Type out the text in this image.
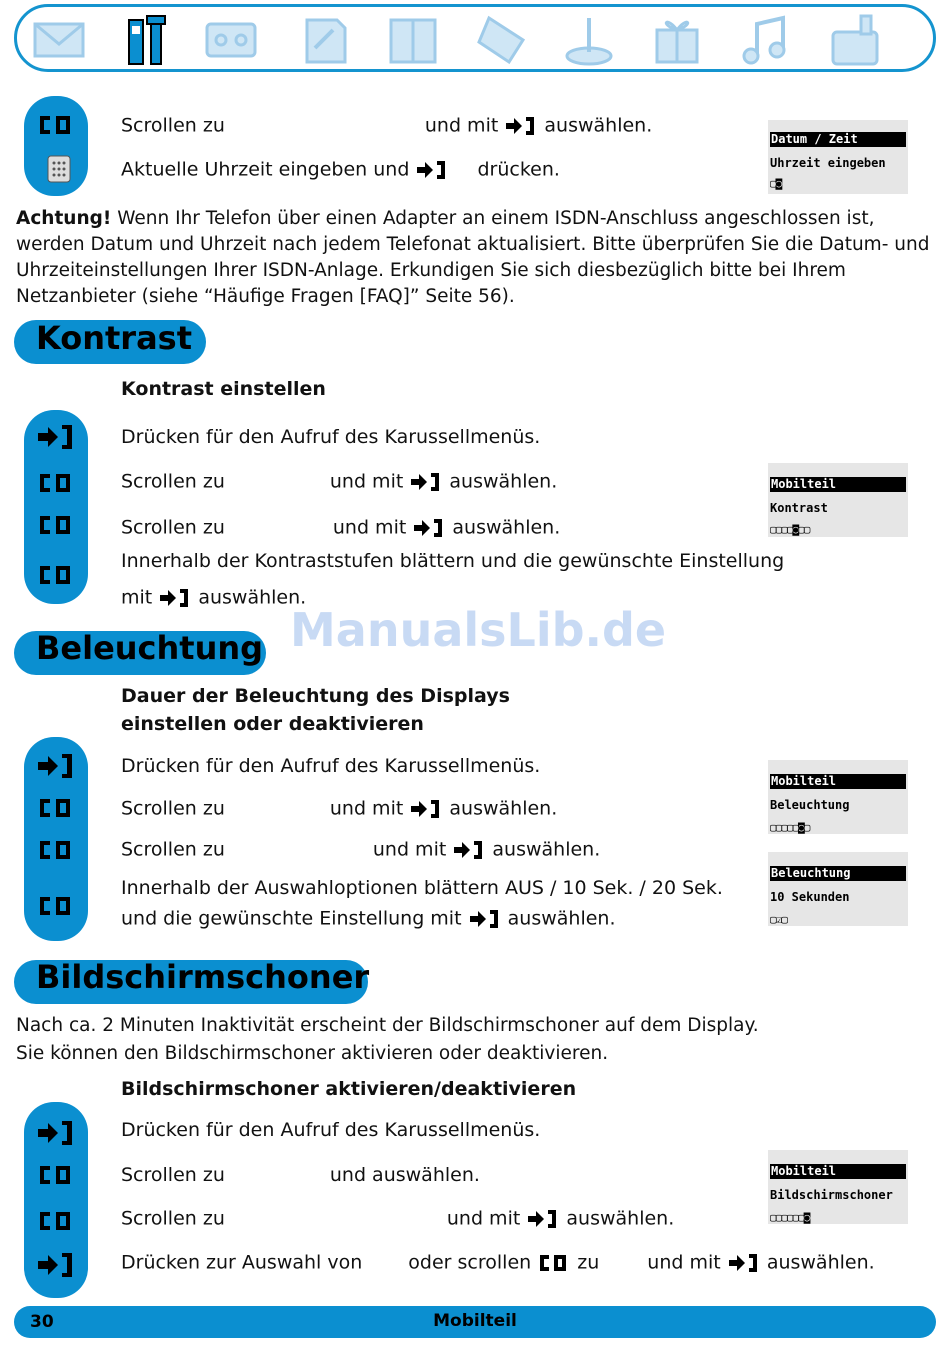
Scrollen zu	und mit auswählen.
Aktuelle Uhrzeit eingeben und	drücken.
Datum / Zeit
Uhrzeit eingeben
▢◙
Achtung! Wenn Ihr Telefon über einen Adapter an einem ISDN-Anschluss angeschlossen ist,
werden Datum und Uhrzeit nach jedem Telefonat aktualisiert. Bitte überprüfen Sie die Datum- und
Uhrzeiteinstellungen Ihrer ISDN-Anlage. Erkundigen Sie sich diesbezüglich bitte bei Ihrem
Netzanbieter (siehe “Häufige Fragen [FAQ]” Seite 56).
Kontrast
Kontrast einstellen
Drücken für den Aufruf des Karussellmenüs.
Scrollen zu	und mit auswählen.
Scrollen zu	und mit auswählen.
Innerhalb der Kontraststufen blättern und die gewünschte Einstellung
mit auswählen.
Mobilteil
Kontrast
▢▢▢▢◙▢▢
ManualsLib.de
Beleuchtung
Dauer der Beleuchtung des Displays
einstellen oder deaktivieren
Drücken für den Aufruf des Karussellmenüs.
Scrollen zu	und mit auswählen.
Scrollen zu	und mit auswählen.
Innerhalb der Auswahloptionen blättern AUS / 10 Sek. / 20 Sek.
und die gewünschte Einstellung mit auswählen.
Mobilteil
Beleuchtung
▢▢▢▢▢◙▢
Beleuchtung
10 Sekunden
▢☑▢
Bildschirmschoner
Nach ca. 2 Minuten Inaktivität erscheint der Bildschirmschoner auf dem Display.
Sie können den Bildschirmschoner aktivieren oder deaktivieren.
Bildschirmschoner aktivieren/deaktivieren
Drücken für den Aufruf des Karussellmenüs.
Scrollen zu	und auswählen.
Scrollen zu	und mit auswählen.
Drücken zur Auswahl von oder scrollen zu	und mit auswählen.
Mobilteil
Bildschirmschoner
▢▢▢▢▢▢◙
30	Mobilteil
